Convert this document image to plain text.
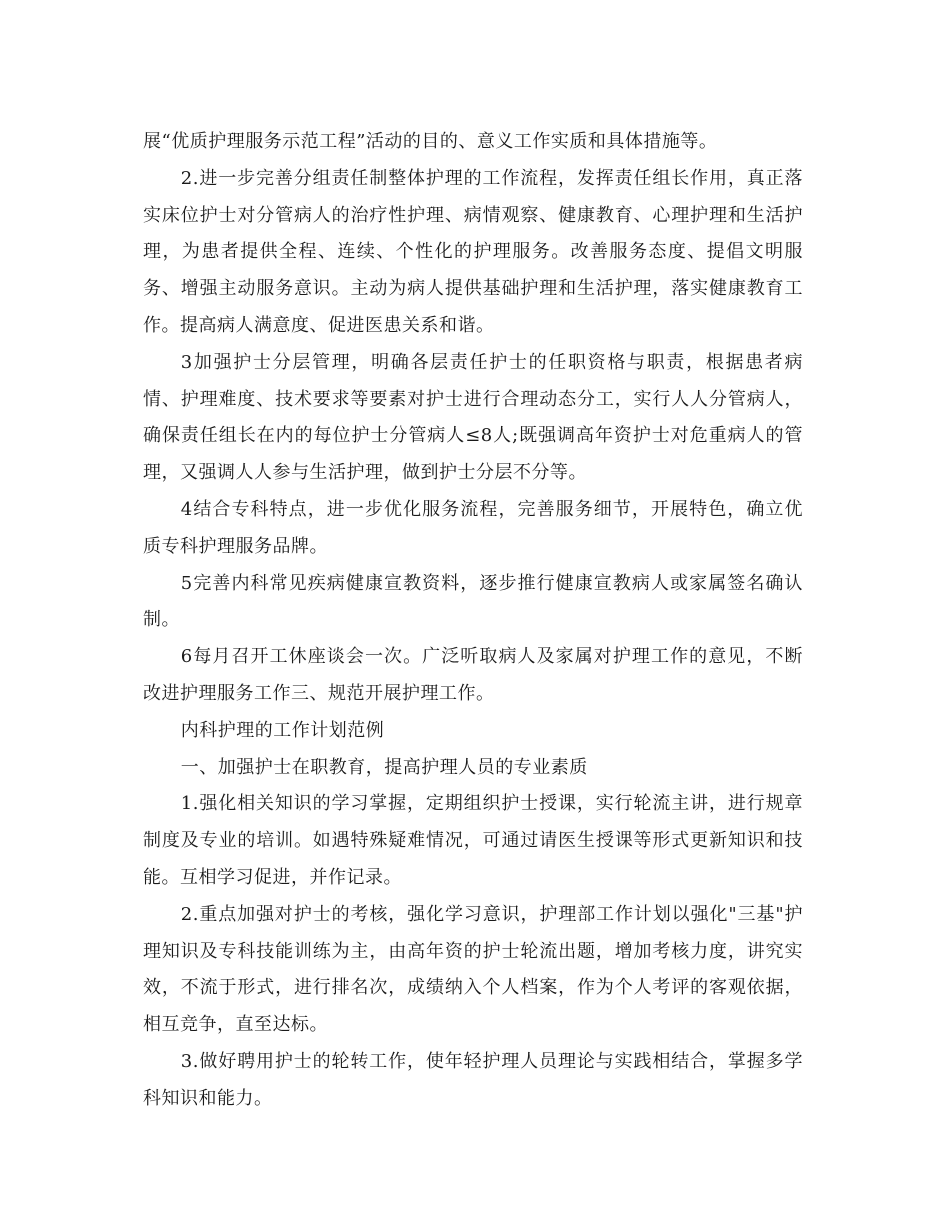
展“优质护理服务示范工程”活动的目的、意义工作实质和具体措施等。

2.进一步完善分组责任制整体护理的工作流程，发挥责任组长作用，真正落实床位护士对分管病人的治疗性护理、病情观察、健康教育、心理护理和生活护理，为患者提供全程、连续、个性化的护理服务。改善服务态度、提倡文明服务、增强主动服务意识。主动为病人提供基础护理和生活护理，落实健康教育工作。提高病人满意度、促进医患关系和谐。

3加强护士分层管理，明确各层责任护士的任职资格与职责，根据患者病情、护理难度、技术要求等要素对护士进行合理动态分工，实行人人分管病人，确保责任组长在内的每位护士分管病人≤8人;既强调高年资护士对危重病人的管理，又强调人人参与生活护理，做到护士分层不分等。

4结合专科特点，进一步优化服务流程，完善服务细节，开展特色，确立优质专科护理服务品牌。

5完善内科常见疾病健康宣教资料，逐步推行健康宣教病人或家属签名确认制。

6每月召开工休座谈会一次。广泛听取病人及家属对护理工作的意见，不断改进护理服务工作三、规范开展护理工作。

内科护理的工作计划范例

一、加强护士在职教育，提高护理人员的专业素质

1.强化相关知识的学习掌握，定期组织护士授课，实行轮流主讲，进行规章制度及专业的培训。如遇特殊疑难情况，可通过请医生授课等形式更新知识和技能。互相学习促进，并作记录。

2.重点加强对护士的考核，强化学习意识，护理部工作计划以强化"三基"护理知识及专科技能训练为主，由高年资的护士轮流出题，增加考核力度，讲究实效，不流于形式，进行排名次，成绩纳入个人档案，作为个人考评的客观依据，相互竞争，直至达标。

3.做好聘用护士的轮转工作，使年轻护理人员理论与实践相结合，掌握多学科知识和能力。
